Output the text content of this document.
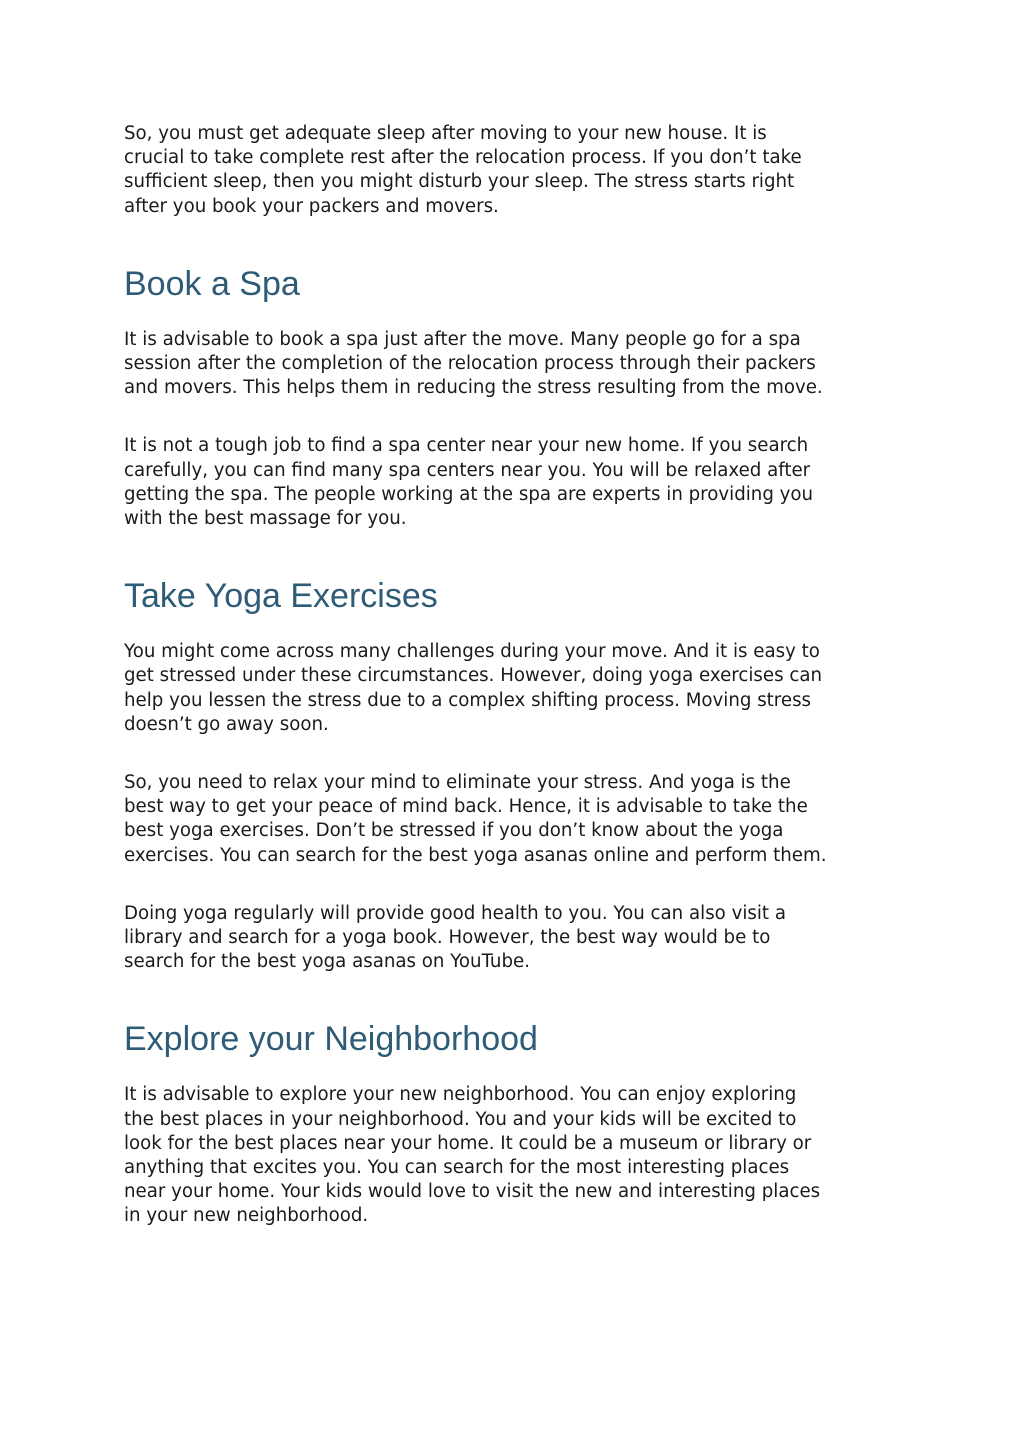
So, you must get adequate sleep after moving to your new house. It is
crucial to take complete rest after the relocation process. If you don’t take
sufficient sleep, then you might disturb your sleep. The stress starts right
after you book your packers and movers.

Book a Spa

It is advisable to book a spa just after the move. Many people go for a spa
session after the completion of the relocation process through their packers
and movers. This helps them in reducing the stress resulting from the move.

It is not a tough job to find a spa center near your new home. If you search
carefully, you can find many spa centers near you. You will be relaxed after
getting the spa. The people working at the spa are experts in providing you
with the best massage for you.

Take Yoga Exercises

You might come across many challenges during your move. And it is easy to
get stressed under these circumstances. However, doing yoga exercises can
help you lessen the stress due to a complex shifting process. Moving stress
doesn’t go away soon.

So, you need to relax your mind to eliminate your stress. And yoga is the
best way to get your peace of mind back. Hence, it is advisable to take the
best yoga exercises. Don’t be stressed if you don’t know about the yoga
exercises. You can search for the best yoga asanas online and perform them.

Doing yoga regularly will provide good health to you. You can also visit a
library and search for a yoga book. However, the best way would be to
search for the best yoga asanas on YouTube.

Explore your Neighborhood

It is advisable to explore your new neighborhood. You can enjoy exploring
the best places in your neighborhood. You and your kids will be excited to
look for the best places near your home. It could be a museum or library or
anything that excites you. You can search for the most interesting places
near your home. Your kids would love to visit the new and interesting places
in your new neighborhood.
